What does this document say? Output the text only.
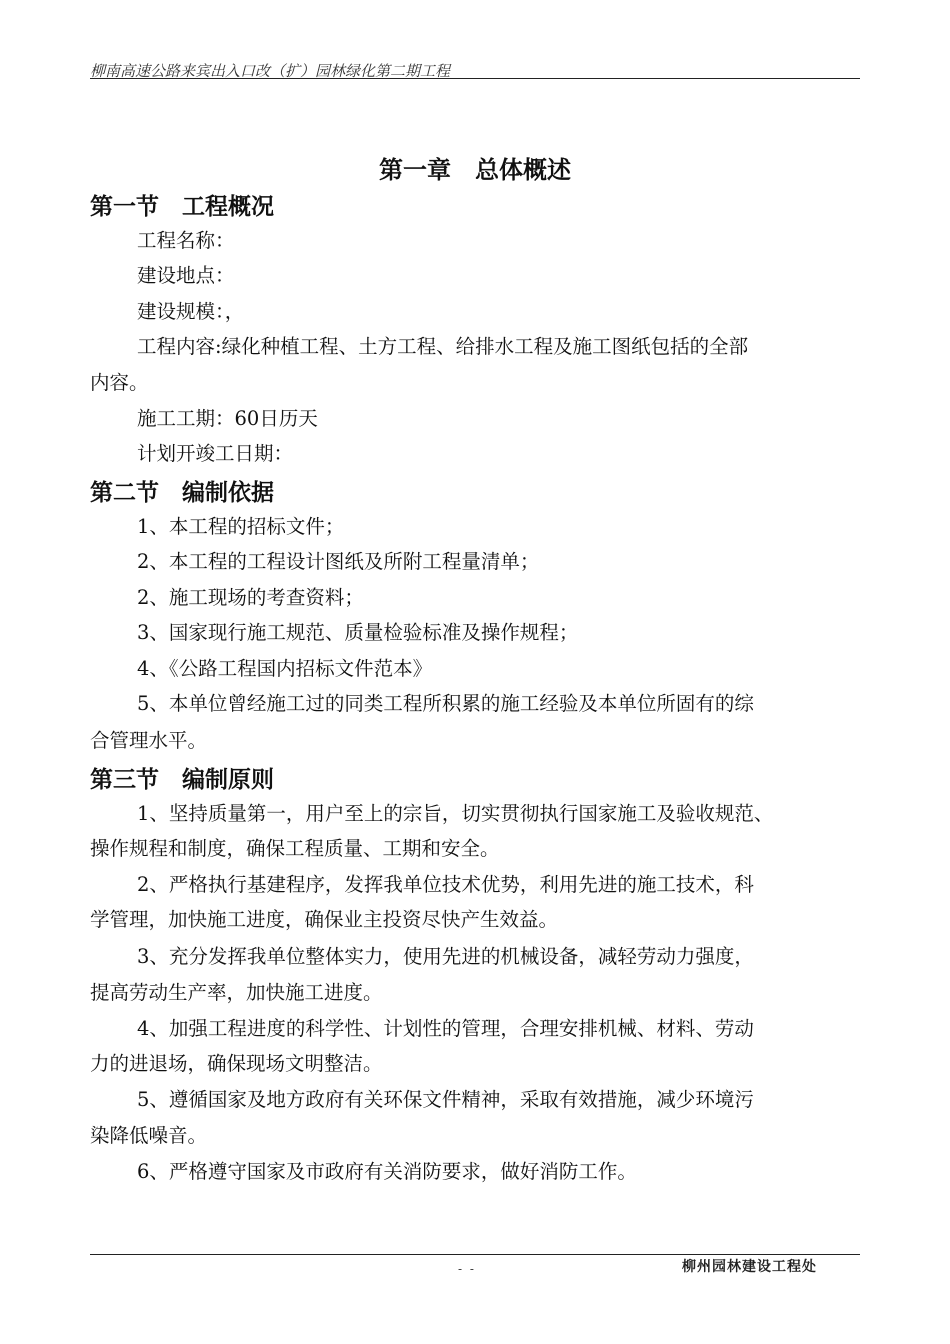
柳南高速公路来宾出入口改（扩）园林绿化第二期工程
第一章　总体概述
第一节　工程概况
工程名称：
建设地点：
建设规模：，
工程内容:绿化种植工程、土方工程、给排水工程及施工图纸包括的全部
内容。
施工工期：60日历天
计划开竣工日期：
第二节　编制依据
1、本工程的招标文件；
2、本工程的工程设计图纸及所附工程量清单；
2、施工现场的考查资料；
3、国家现行施工规范、质量检验标准及操作规程；
4、《公路工程国内招标文件范本》
5、本单位曾经施工过的同类工程所积累的施工经验及本单位所固有的综
合管理水平。
第三节　编制原则
1、坚持质量第一，用户至上的宗旨，切实贯彻执行国家施工及验收规范、
操作规程和制度，确保工程质量、工期和安全。
2、严格执行基建程序，发挥我单位技术优势，利用先进的施工技术，科
学管理，加快施工进度，确保业主投资尽快产生效益。
3、充分发挥我单位整体实力，使用先进的机械设备，减轻劳动力强度，
提高劳动生产率，加快施工进度。
4、加强工程进度的科学性、计划性的管理，合理安排机械、材料、劳动
力的进退场，确保现场文明整洁。
5、遵循国家及地方政府有关环保文件精神，采取有效措施，减少环境污
染降低噪音。
6、严格遵守国家及市政府有关消防要求，做好消防工作。
- -	柳州园林建设工程处
